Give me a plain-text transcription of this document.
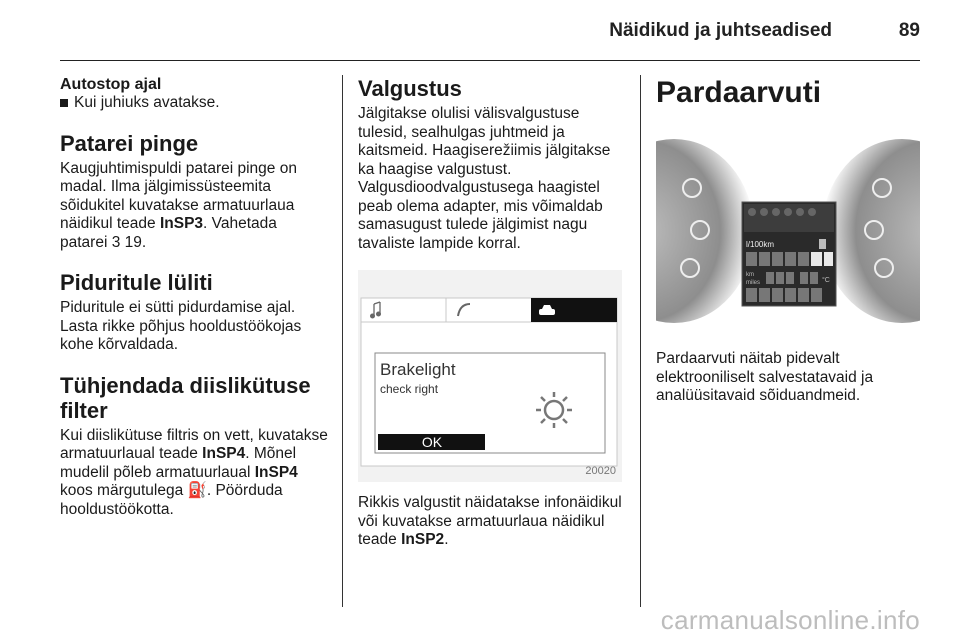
Näidikud ja juhtseadised	89
Autostop ajal
Kui juhiuks avatakse.
Patarei pinge

Kaugjuhtimispuldi patarei pinge on madal. Ilma jälgimissüsteemita sõidukitel kuvatakse armatuurlaua näidikul teade InSP3. Vahetada patarei 3 19.

Piduritule lüliti

Piduritule ei sütti pidurdamise ajal. Lasta rikke põhjus hooldustöökojas kohe kõrvaldada.

Tühjendada diislikütuse filter

Kui diislikütuse filtris on vett, kuvatakse armatuurlaual teade InSP4. Mõnel mudelil põleb armatuurlaual InSP4 koos märgutulega ⛽. Pöörduda hooldustöökotta.

Valgustus

Jälgitakse olulisi välisvalgustuse tulesid, sealhulgas juhtmeid ja kaitsmeid. Haagiserežiimis jälgitakse ka haagise valgustust. Valgusdioodvalgustusega haagistel peab olema adapter, mis võimaldab samasugust tulede jälgimist nagu tavaliste lampide korral.

Brakelight
check right
OK
20020

Rikkis valgustit näidatakse infonäidikul või kuvatakse armatuurlaua näidikul teade InSP2.

Pardaarvuti
l/100km
km
miles	°C

Pardaarvuti näitab pidevalt elektrooniliselt salvestatavaid ja analüüsitavaid sõiduandmeid.

carmanualsonline.info
